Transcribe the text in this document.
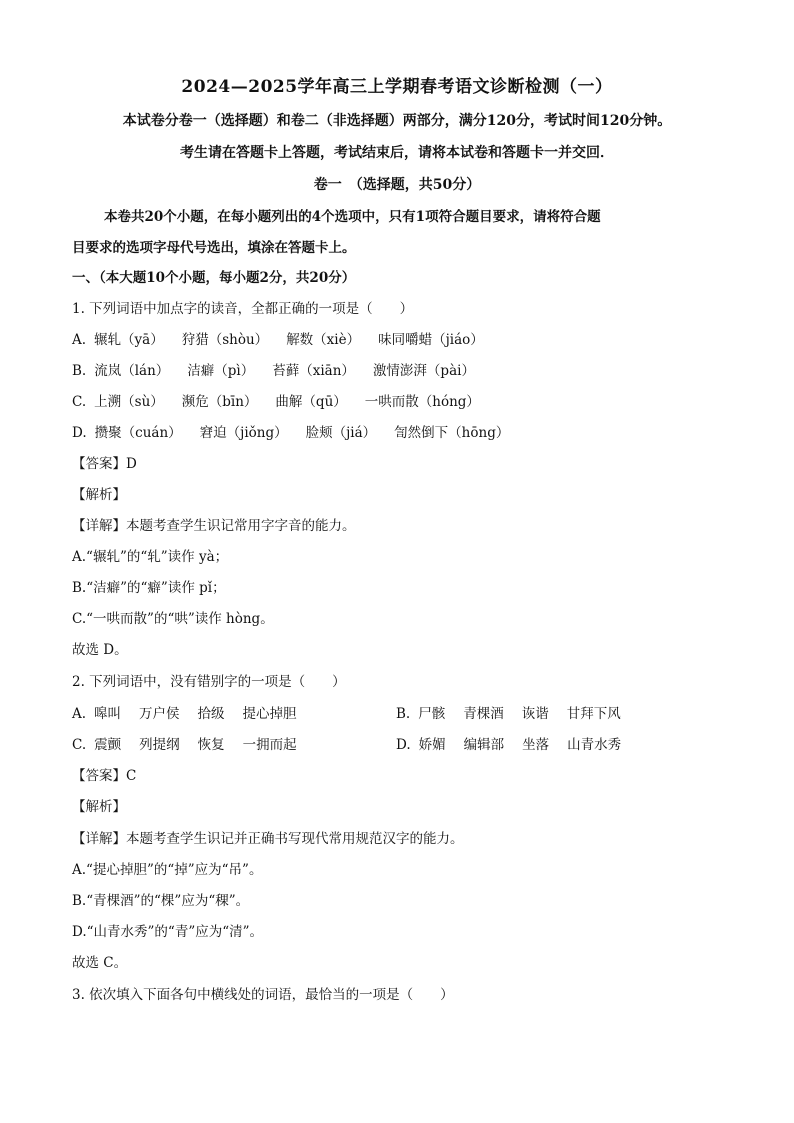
2024—2025学年高三上学期春考语文诊断检测（一）
本试卷分卷一（选择题）和卷二（非选择题）两部分，满分120分，考试时间120分钟。
考生请在答题卡上答题，考试结束后，请将本试卷和答题卡一并交回．
卷一　（选择题，共50分）
本卷共20个小题，在每小题列出的4个选项中，只有1项符合题目要求，请将符合题
目要求的选项字母代号选出，填涂在答题卡上。
一、（本大题10个小题，每小题2分，共20分）
1. 下列词语中加点字的读音，全都正确的一项是（　　）
A. 辗轧（yā） 狩猎（shòu） 解数（xiè） 味同嚼蜡（jiáo）
B. 流岚（lán） 洁癖（pì） 苔藓（xiān） 激情澎湃（pài）
C. 上溯（sù） 濒危（bīn） 曲解（qū） 一哄而散（hóng）
D. 攒聚（cuán） 窘迫（jiǒng） 脸颊（jiá） 訇然倒下（hōng）
【答案】D
【解析】
【详解】本题考查学生识记常用字字音的能力。
A.“辗轧”的“轧”读作 yà；
B.“洁癖”的“癖”读作 pǐ；
C.“一哄而散”的“哄”读作 hòng。
故选 D。
2. 下列词语中，没有错别字的一项是（　　）
A. 嗥叫 万户侯 拾级 提心掉胆	B. 尸骸 青棵酒 诙谐 甘拜下风
C. 震颤 列提纲 恢复 一拥而起	D. 娇媚 编辑部 坐落 山青水秀
【答案】C
【解析】
【详解】本题考查学生识记并正确书写现代常用规范汉字的能力。
A.“提心掉胆”的“掉”应为“吊”。
B.“青棵酒”的“棵”应为“稞”。
D.“山青水秀”的“青”应为“清”。
故选 C。
3. 依次填入下面各句中横线处的词语，最恰当的一项是（　　）
